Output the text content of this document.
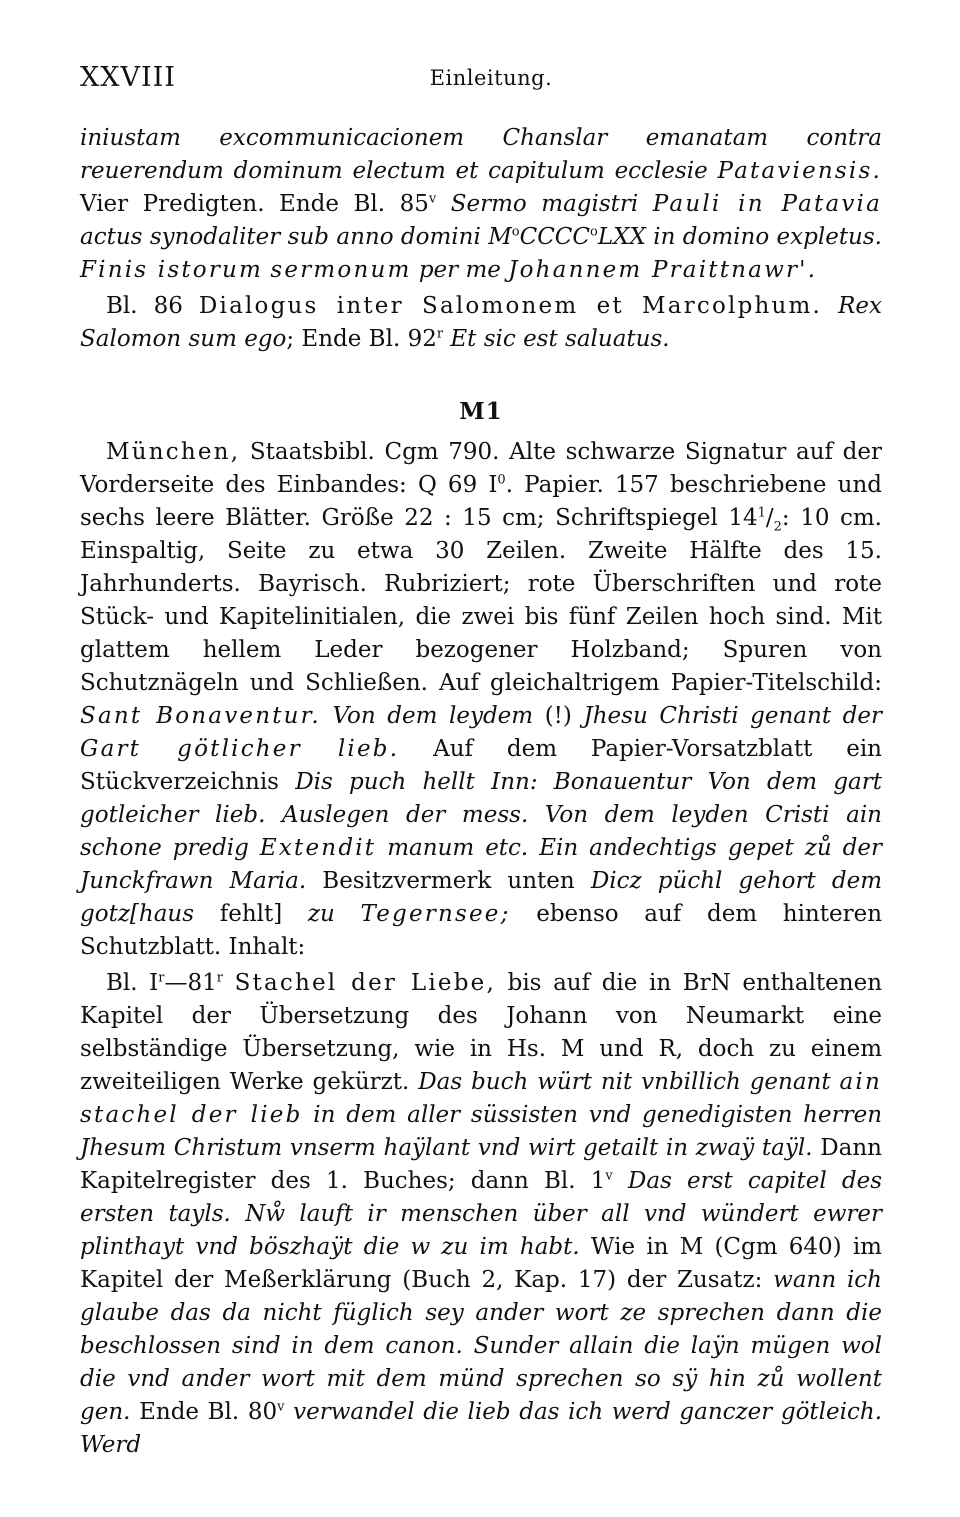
XXVIII	Einleitung.

iniustam excommunicacionem Chanslar emanatam contra reuerendum dominum electum et capitulum ecclesie Pataviensis. Vier Predigten. Ende Bl. 85$^v$ Sermo magistri Pauli in Patavia actus synodaliter sub anno domini $M^oCCCC^oLXX$ in domino expletus. Finis istorum sermonum per me Johannem Praittnawr'.

Bl. 86 Dialogus inter Salomonem et Marcolphum. Rex Salomon sum ego; Ende Bl. 92$^r$ Et sic est saluatus.

M1

München, Staatsbibl. Cgm 790. Alte schwarze Signatur auf der Vorderseite des Einbandes: Q 69 $I^0$. Papier. 157 beschriebene und sechs leere Blätter. Größe 22 : 15 cm; Schriftspiegel $14^1/_2$: 10 cm. Einspaltig, Seite zu etwa 30 Zeilen. Zweite Hälfte des 15. Jahrhunderts. Bayrisch. Rubriziert; rote Überschriften und rote Stück- und Kapitelinitialen, die zwei bis fünf Zeilen hoch sind. Mit glattem hellem Leder bezogener Holzband; Spuren von Schutznägeln und Schließen. Auf gleichaltrigem Papier-Titelschild: Sant Bonaventur. Von dem leydem (!) Jhesu Christi genant der Gart götlicher lieb. Auf dem Papier-Vorsatzblatt ein Stückverzeichnis Dis puch hellt Inn: Bonauentur Von dem gart gotleicher lieb. Auslegen der mess. Von dem leyden Cristi ain schone predig Extendit manum etc. Ein andechtigs gepet zů der Junckfrawn Maria. Besitzvermerk unten Dicz püchl gehort dem gotz[haus fehlt] zu Tegernsee; ebenso auf dem hinteren Schutzblatt. Inhalt:

Bl. $I^r—81^r$ Stachel der Liebe, bis auf die in BrN enthaltenen Kapitel der Übersetzung des Johann von Neumarkt eine selbständige Übersetzung, wie in Hs. M und R, doch zu einem zweiteiligen Werke gekürzt. Das buch würt nit vnbillich genant ain stachel der lieb in dem aller süssisten vnd genedigisten herren Jhesum Christum vnserm haÿlant vnd wirt getailt in zwaÿ taÿl. Dann Kapitelregister des 1. Buches; dann Bl. 1$^v$ Das erst capitel des ersten tayls. Nẘ lauft ir menschen über all vnd wündert ewrer plinthayt vnd böszhaÿt die w zu im habt. Wie in M (Cgm 640) im Kapitel der Meßerklärung (Buch 2, Kap. 17) der Zusatz: wann ich glaube das da nicht füglich sey ander wort ze sprechen dann die beschlossen sind in dem canon. Sunder allain die laÿn mügen wol die vnd ander wort mit dem münd sprechen so sÿ hin zů wollent gen. Ende Bl. 80$^v$ verwandel die lieb das ich werd ganczer götleich. Werd
